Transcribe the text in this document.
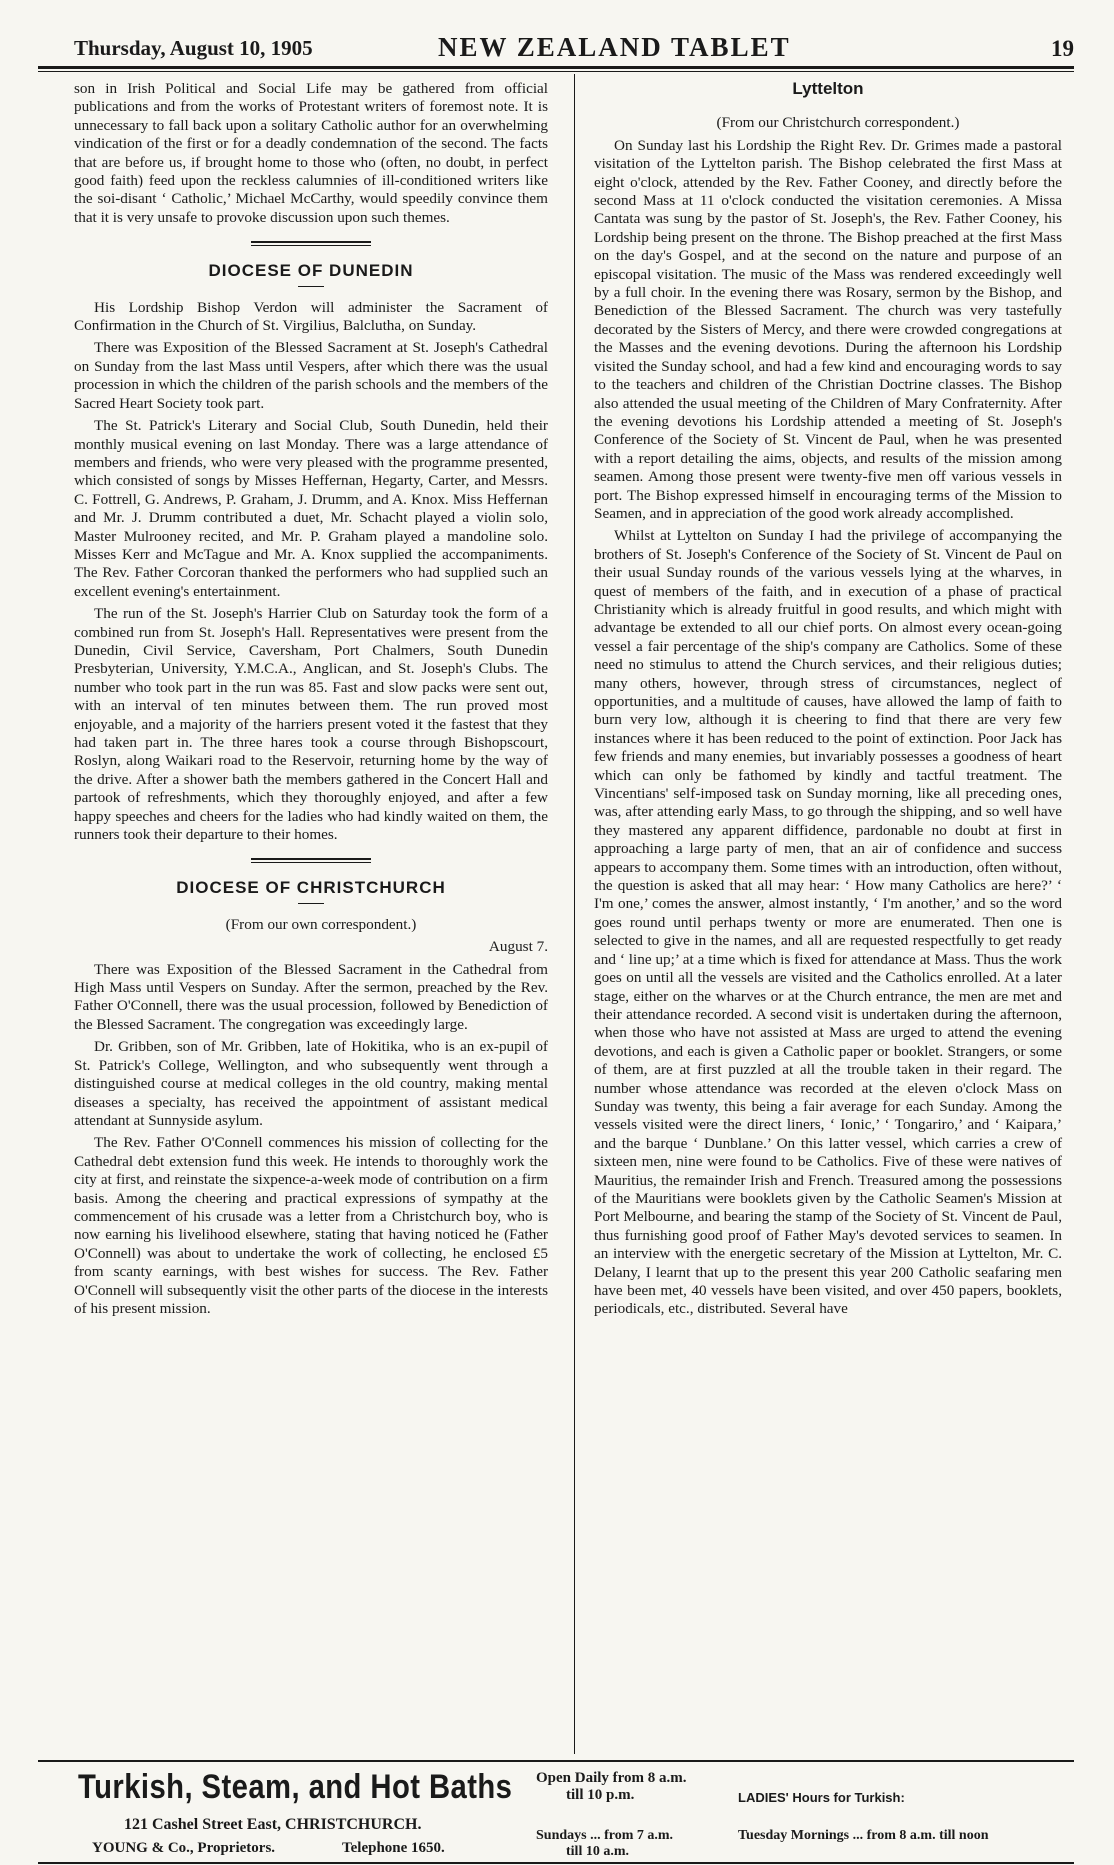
Thursday, August 10, 1905	NEW ZEALAND TABLET	19

son in Irish Political and Social Life may be gathered from official publications and from the works of Protestant writers of foremost note. It is unnecessary to fall back upon a solitary Catholic author for an overwhelming vindication of the first or for a deadly condemnation of the second. The facts that are before us, if brought home to those who (often, no doubt, in perfect good faith) feed upon the reckless calumnies of ill-conditioned writers like the soi-disant ‘ Catholic,’ Michael McCarthy, would speedily convince them that it is very unsafe to provoke discussion upon such themes.

DIOCESE OF DUNEDIN

His Lordship Bishop Verdon will administer the Sacrament of Confirmation in the Church of St. Virgilius, Balclutha, on Sunday.

There was Exposition of the Blessed Sacrament at St. Joseph's Cathedral on Sunday from the last Mass until Vespers, after which there was the usual procession in which the children of the parish schools and the members of the Sacred Heart Society took part.

The St. Patrick's Literary and Social Club, South Dunedin, held their monthly musical evening on last Monday. There was a large attendance of members and friends, who were very pleased with the programme presented, which consisted of songs by Misses Heffernan, Hegarty, Carter, and Messrs. C. Fottrell, G. Andrews, P. Graham, J. Drumm, and A. Knox. Miss Heffernan and Mr. J. Drumm contributed a duet, Mr. Schacht played a violin solo, Master Mulrooney recited, and Mr. P. Graham played a mandoline solo. Misses Kerr and McTague and Mr. A. Knox supplied the accompaniments. The Rev. Father Corcoran thanked the performers who had supplied such an excellent evening's entertainment.

The run of the St. Joseph's Harrier Club on Saturday took the form of a combined run from St. Joseph's Hall. Representatives were present from the Dunedin, Civil Service, Caversham, Port Chalmers, South Dunedin Presbyterian, University, Y.M.C.A., Anglican, and St. Joseph's Clubs. The number who took part in the run was 85. Fast and slow packs were sent out, with an interval of ten minutes between them. The run proved most enjoyable, and a majority of the harriers present voted it the fastest that they had taken part in. The three hares took a course through Bishopscourt, Roslyn, along Waikari road to the Reservoir, returning home by the way of the drive. After a shower bath the members gathered in the Concert Hall and partook of refreshments, which they thoroughly enjoyed, and after a few happy speeches and cheers for the ladies who had kindly waited on them, the runners took their departure to their homes.

DIOCESE OF CHRISTCHURCH

(From our own correspondent.)

August 7.

There was Exposition of the Blessed Sacrament in the Cathedral from High Mass until Vespers on Sunday. After the sermon, preached by the Rev. Father O'Connell, there was the usual procession, followed by Benediction of the Blessed Sacrament. The congregation was exceedingly large.

Dr. Gribben, son of Mr. Gribben, late of Hokitika, who is an ex-pupil of St. Patrick's College, Wellington, and who subsequently went through a distinguished course at medical colleges in the old country, making mental diseases a specialty, has received the appointment of assistant medical attendant at Sunnyside asylum.

The Rev. Father O'Connell commences his mission of collecting for the Cathedral debt extension fund this week. He intends to thoroughly work the city at first, and reinstate the sixpence-a-week mode of contribution on a firm basis. Among the cheering and practical expressions of sympathy at the commencement of his crusade was a letter from a Christchurch boy, who is now earning his livelihood elsewhere, stating that having noticed he (Father O'Connell) was about to undertake the work of collecting, he enclosed £5 from scanty earnings, with best wishes for success. The Rev. Father O'Connell will subsequently visit the other parts of the diocese in the interests of his present mission.

Lyttelton

(From our Christchurch correspondent.)

On Sunday last his Lordship the Right Rev. Dr. Grimes made a pastoral visitation of the Lyttelton parish. The Bishop celebrated the first Mass at eight o'clock, attended by the Rev. Father Cooney, and directly before the second Mass at 11 o'clock conducted the visitation ceremonies. A Missa Cantata was sung by the pastor of St. Joseph's, the Rev. Father Cooney, his Lordship being present on the throne. The Bishop preached at the first Mass on the day's Gospel, and at the second on the nature and purpose of an episcopal visitation. The music of the Mass was rendered exceedingly well by a full choir. In the evening there was Rosary, sermon by the Bishop, and Benediction of the Blessed Sacrament. The church was very tastefully decorated by the Sisters of Mercy, and there were crowded congregations at the Masses and the evening devotions. During the afternoon his Lordship visited the Sunday school, and had a few kind and encouraging words to say to the teachers and children of the Christian Doctrine classes. The Bishop also attended the usual meeting of the Children of Mary Confraternity. After the evening devotions his Lordship attended a meeting of St. Joseph's Conference of the Society of St. Vincent de Paul, when he was presented with a report detailing the aims, objects, and results of the mission among seamen. Among those present were twenty-five men off various vessels in port. The Bishop expressed himself in encouraging terms of the Mission to Seamen, and in appreciation of the good work already accomplished.

Whilst at Lyttelton on Sunday I had the privilege of accompanying the brothers of St. Joseph's Conference of the Society of St. Vincent de Paul on their usual Sunday rounds of the various vessels lying at the wharves, in quest of members of the faith, and in execution of a phase of practical Christianity which is already fruitful in good results, and which might with advantage be extended to all our chief ports. On almost every ocean-going vessel a fair percentage of the ship's company are Catholics. Some of these need no stimulus to attend the Church services, and their religious duties; many others, however, through stress of circumstances, neglect of opportunities, and a multitude of causes, have allowed the lamp of faith to burn very low, although it is cheering to find that there are very few instances where it has been reduced to the point of extinction. Poor Jack has few friends and many enemies, but invariably possesses a goodness of heart which can only be fathomed by kindly and tactful treatment. The Vincentians' self-imposed task on Sunday morning, like all preceding ones, was, after attending early Mass, to go through the shipping, and so well have they mastered any apparent diffidence, pardonable no doubt at first in approaching a large party of men, that an air of confidence and success appears to accompany them. Some times with an introduction, often without, the question is asked that all may hear: ‘ How many Catholics are here?’ ‘ I'm one,’ comes the answer, almost instantly, ‘ I'm another,’ and so the word goes round until perhaps twenty or more are enumerated. Then one is selected to give in the names, and all are requested respectfully to get ready and ‘ line up;’ at a time which is fixed for attendance at Mass. Thus the work goes on until all the vessels are visited and the Catholics enrolled. At a later stage, either on the wharves or at the Church entrance, the men are met and their attendance recorded. A second visit is undertaken during the afternoon, when those who have not assisted at Mass are urged to attend the evening devotions, and each is given a Catholic paper or booklet. Strangers, or some of them, are at first puzzled at all the trouble taken in their regard. The number whose attendance was recorded at the eleven o'clock Mass on Sunday was twenty, this being a fair average for each Sunday. Among the vessels visited were the direct liners, ‘ Ionic,’ ‘ Tongariro,’ and ‘ Kaipara,’ and the barque ‘ Dunblane.’ On this latter vessel, which carries a crew of sixteen men, nine were found to be Catholics. Five of these were natives of Mauritius, the remainder Irish and French. Treasured among the possessions of the Mauritians were booklets given by the Catholic Seamen's Mission at Port Melbourne, and bearing the stamp of the Society of St. Vincent de Paul, thus furnishing good proof of Father May's devoted services to seamen. In an interview with the energetic secretary of the Mission at Lyttelton, Mr. C. Delany, I learnt that up to the present this year 200 Catholic seafaring men have been met, 40 vessels have been visited, and over 450 papers, booklets, periodicals, etc., distributed. Several have

Turkish, Steam, and Hot Baths
121 Cashel Street East, CHRISTCHURCH.
YOUNG & Co., Proprietors.	Telephone 1650.
Open Daily from 8 a.m.
till 10 p.m.
Sundays ... from 7 a.m.
till 10 a.m.
LADIES' Hours for Turkish:
Tuesday Mornings ... from 8 a.m. till noon
